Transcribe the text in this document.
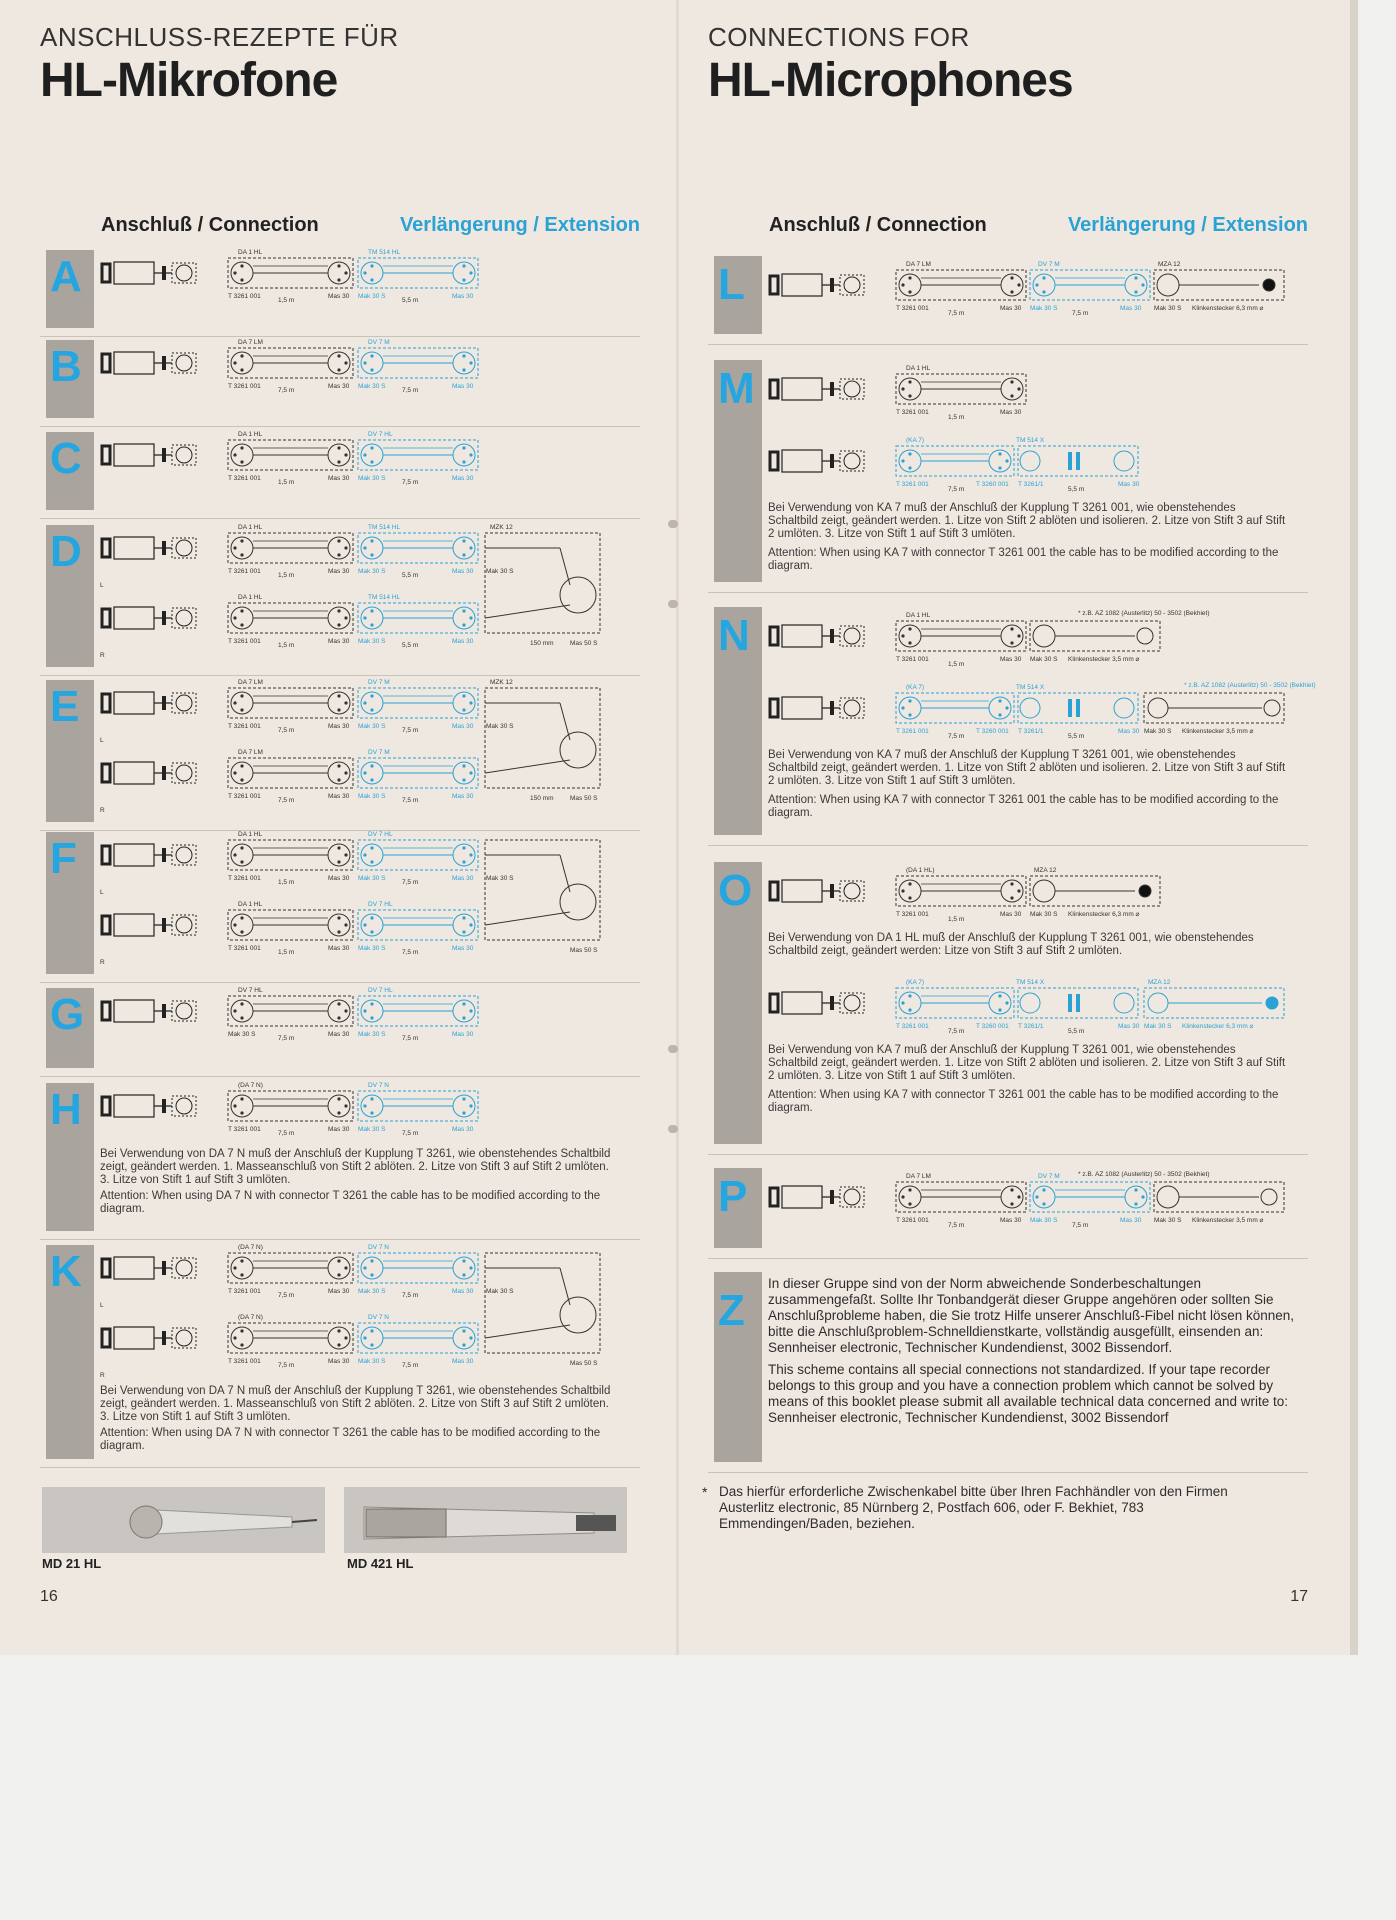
ANSCHLUSS-REZEPTE FÜR
HL-Mikrofone
Anschluß / Connection	Verlängerung / Extension
A	DA 1 HL
T 3261 001
1,5 m
Mas 30
TM 514 HL
Mak 30 S
5,5 m
Mas 30
B	DA 7 LM
T 3261 001
7,5 m
Mas 30
DV 7 M
Mak 30 S
7,5 m
Mas 30
C	DA 1 HL
T 3261 001
1,5 m
Mas 30
DV 7 HL
Mak 30 S
7,5 m
Mas 30
D	DA 1 HL
T 3261 001
1,5 m
Mas 30
TM 514 HL
Mak 30 S
5,5 m
Mas 30
DA 1 HL
T 3261 001
1,5 m
Mas 30
TM 514 HL
Mak 30 S
5,5 m
Mas 30
L
R
MZK 12
Mak 30 S
150 mm	Mas 50 S
E	DA 7 LM
T 3261 001
7,5 m
Mas 30
DV 7 M
Mak 30 S
7,5 m
Mas 30
DA 7 LM
T 3261 001
7,5 m
Mas 30
DV 7 M
Mak 30 S
7,5 m
Mas 30
L
R
MZK 12
Mak 30 S
150 mm	Mas 50 S
F	DA 1 HL
T 3261 001
1,5 m
Mas 30
DV 7 HL
Mak 30 S
7,5 m
Mas 30
DA 1 HL
T 3261 001
1,5 m
Mas 30
DV 7 HL
Mak 30 S
7,5 m
Mas 30
L
R
Mak 30 S
Mas 50 S
G	DV 7 HL
Mak 30 S
7,5 m
Mas 30
DV 7 HL
Mak 30 S
7,5 m
Mas 30
H	(DA 7 N)
T 3261 001
7,5 m
Mas 30
DV 7 N
Mak 30 S
7,5 m
Mas 30
Bei Verwendung von DA 7 N muß der Anschluß der Kupplung T 3261, wie obenstehendes Schaltbild zeigt, geändert werden. 1. Masseanschluß von Stift 2 ablöten. 2. Litze von Stift 3 auf Stift 2 umlöten. 3. Litze von Stift 1 auf Stift 3 umlöten.
Attention: When using DA 7 N with connector T 3261 the cable has to be modified according to the diagram.
K	(DA 7 N)
T 3261 001
7,5 m
Mas 30
DV 7 N
Mak 30 S
7,5 m
Mas 30
(DA 7 N)
T 3261 001
7,5 m
Mas 30
DV 7 N
Mak 30 S
7,5 m
Mas 30
L
R
Mak 30 S
Mas 50 S
Bei Verwendung von DA 7 N muß der Anschluß der Kupplung T 3261, wie obenstehendes Schaltbild zeigt, geändert werden. 1. Masseanschluß von Stift 2 ablöten. 2. Litze von Stift 3 auf Stift 2 umlöten. 3. Litze von Stift 1 auf Stift 3 umlöten.
Attention: When using DA 7 N with connector T 3261 the cable has to be modified according to the diagram.
MD 21 HL	MD 421 HL
16
CONNECTIONS FOR
HL-Microphones
Anschluß / Connection	Verlängerung / Extension
L	DA 7 LM
T 3261 001
7,5 m
Mas 30
DV 7 M
Mak 30 S
7,5 m
Mas 30
MZA 12
Mak 30 S Klinkenstecker 6,3 mm ⌀
M	DA 1 HL
T 3261 001
1,5 m
Mas 30
(KA 7)	TM 514 X
T 3261 001
7,5 m
T 3260 001 T 3261/1
5,5 m
Mas 30
Bei Verwendung von KA 7 muß der Anschluß der Kupplung T 3261 001, wie obenstehendes Schaltbild zeigt, geändert werden. 1. Litze von Stift 2 ablöten und isolieren. 2. Litze von Stift 3 auf Stift 2 umlöten. 3. Litze von Stift 1 auf Stift 3 umlöten.
Attention: When using KA 7 with connector T 3261 001 the cable has to be modified according to the diagram.
N	DA 1 HL
T 3261 001
1,5 m
Mas 30 Mak 30 S Klinkenstecker 3,5 mm ⌀
* z.B. AZ 1082 (Austerlitz) 50 - 3502 (Bekhiet)
(KA 7)	TM 514 X
T 3261 001
7,5 m
T 3260 001 T 3261/1
5,5 m
Mas 30
* z.B. AZ 1082 (Austerlitz) 50 - 3502 (Bekhiet)
Mak 30 S Klinkenstecker 3,5 mm ⌀
Bei Verwendung von KA 7 muß der Anschluß der Kupplung T 3261 001, wie obenstehendes Schaltbild zeigt, geändert werden. 1. Litze von Stift 2 ablöten und isolieren. 2. Litze von Stift 3 auf Stift 2 umlöten. 3. Litze von Stift 1 auf Stift 3 umlöten.
Attention: When using KA 7 with connector T 3261 001 the cable has to be modified according to the diagram.
O	(DA 1 HL)
T 3261 001
1,5 m
Mas 30
MZA 12
Mak 30 S Klinkenstecker 6,3 mm ⌀
Bei Verwendung von DA 1 HL muß der Anschluß der Kupplung T 3261 001, wie obenstehendes Schaltbild zeigt, geändert werden: Litze von Stift 3 auf Stift 2 umlöten.
(KA 7)	TM 514 X
T 3261 001
7,5 m
T 3260 001 T 3261/1
5,5 m
Mas 30
MZA 12
Mak 30 S Klinkenstecker 6,3 mm ⌀
Bei Verwendung von KA 7 muß der Anschluß der Kupplung T 3261 001, wie obenstehendes Schaltbild zeigt, geändert werden. 1. Litze von Stift 2 ablöten und isolieren. 2. Litze von Stift 3 auf Stift 2 umlöten. 3. Litze von Stift 1 auf Stift 3 umlöten.
Attention: When using KA 7 with connector T 3261 001 the cable has to be modified according to the diagram.
P	DA 7 LM
T 3261 001
7,5 m
Mas 30
DV 7 M
Mak 30 S
7,5 m
Mas 30 Mak 30 S Klinkenstecker 3,5 mm ⌀
* z.B. AZ 1082 (Austerlitz) 50 - 3502 (Bekhiet)
Z
In dieser Gruppe sind von der Norm abweichende Sonderbeschaltungen zusammengefaßt. Sollte Ihr Tonbandgerät dieser Gruppe angehören oder sollten Sie Anschlußprobleme haben, die Sie trotz Hilfe unserer Anschluß-Fibel nicht lösen können, bitte die Anschlußproblem-Schnelldienstkarte, vollständig ausgefüllt, einsenden an:
Sennheiser electronic, Technischer Kundendienst, 3002 Bissendorf.
This scheme contains all special connections not standardized. If your tape recorder belongs to this group and you have a connection problem which cannot be solved by means of this booklet please submit all available technical data concerned and write to:
Sennheiser electronic, Technischer Kundendienst, 3002 Bissendorf
* Das hierfür erforderliche Zwischenkabel bitte über Ihren Fachhändler von den Firmen Austerlitz electronic, 85 Nürnberg 2, Postfach 606, oder F. Bekhiet, 783 Emmendingen/Baden, beziehen.
17
